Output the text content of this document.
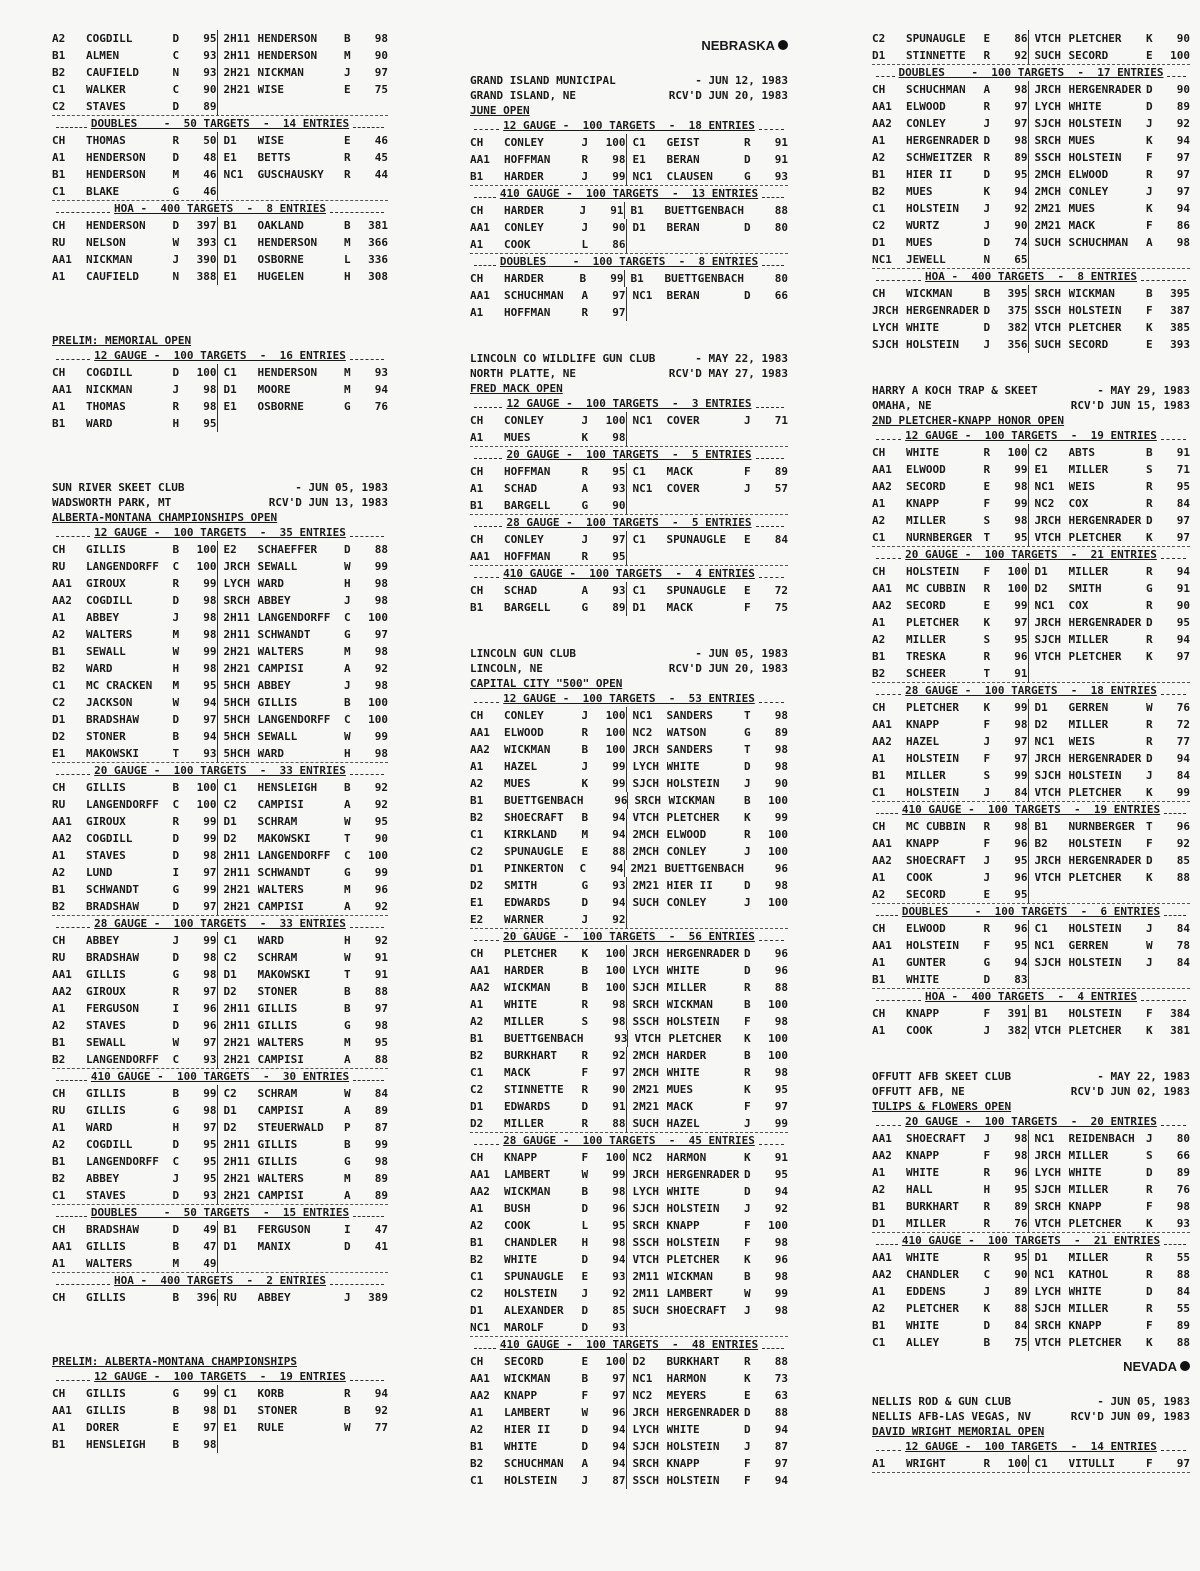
A2	COGDILL	D	95 2H11 HENDERSON	B	98
B1	ALMEN	C	93 2H11 HENDERSON	M	90
B2	CAUFIELD	N	93 2H21 NICKMAN	J	97
C1	WALKER	C	90 2H21 WISE	E	75
C2	STAVES	D	89
DOUBLES    -  50 TARGETS  -  14 ENTRIES
CH	THOMAS	R	50 D1	WISE	E	46
A1	HENDERSON	D	48 E1	BETTS	R	45
B1	HENDERSON	M	46 NC1	GUSCHAUSKY	R	44
C1	BLAKE	G	46
HOA -  400 TARGETS  -  8 ENTRIES
CH	HENDERSON	D	397 B1	OAKLAND	B	381
RU	NELSON	W	393 C1	HENDERSON	M	366
AA1	NICKMAN	J	390 D1	OSBORNE	L	336
A1	CAUFIELD	N	388 E1	HUGELEN	H	308
PRELIM: MEMORIAL OPEN
12 GAUGE -  100 TARGETS  -  16 ENTRIES
CH	COGDILL	D	100 C1	HENDERSON	M	93
AA1	NICKMAN	J	98 D1	MOORE	M	94
A1	THOMAS	R	98 E1	OSBORNE	G	76
B1	WARD	H	95
SUN RIVER SKEET CLUB	- JUN 05, 1983
WADSWORTH PARK, MT	RCV'D JUN 13, 1983
ALBERTA-MONTANA CHAMPIONSHIPS OPEN
12 GAUGE -  100 TARGETS  -  35 ENTRIES
CH	GILLIS	B	100 E2	SCHAEFFER	D	88
RU	LANGENDORFF	C	100 JRCH SEWALL	W	99
AA1	GIROUX	R	99 LYCH WARD	H	98
AA2	COGDILL	D	98 SRCH ABBEY	J	98
A1	ABBEY	J	98 2H11 LANGENDORFF	C	100
A2	WALTERS	M	98 2H11 SCHWANDT	G	97
B1	SEWALL	W	99 2H21 WALTERS	M	98
B2	WARD	H	98 2H21 CAMPISI	A	92
C1	MC CRACKEN	M	95 5HCH ABBEY	J	98
C2	JACKSON	W	94 5HCH GILLIS	B	100
D1	BRADSHAW	D	97 5HCH LANGENDORFF	C	100
D2	STONER	B	94 5HCH SEWALL	W	99
E1	MAKOWSKI	T	93 5HCH WARD	H	98
20 GAUGE -  100 TARGETS  -  33 ENTRIES
CH	GILLIS	B	100 C1	HENSLEIGH	B	92
RU	LANGENDORFF	C	100 C2	CAMPISI	A	92
AA1	GIROUX	R	99 D1	SCHRAM	W	95
AA2	COGDILL	D	99 D2	MAKOWSKI	T	90
A1	STAVES	D	98 2H11 LANGENDORFF	C	100
A2	LUND	I	97 2H11 SCHWANDT	G	99
B1	SCHWANDT	G	99 2H21 WALTERS	M	96
B2	BRADSHAW	D	97 2H21 CAMPISI	A	92
28 GAUGE -  100 TARGETS  -  33 ENTRIES
CH	ABBEY	J	99 C1	WARD	H	92
RU	BRADSHAW	D	98 C2	SCHRAM	W	91
AA1	GILLIS	G	98 D1	MAKOWSKI	T	91
AA2	GIROUX	R	97 D2	STONER	B	88
A1	FERGUSON	I	96 2H11 GILLIS	B	97
A2	STAVES	D	96 2H11 GILLIS	G	98
B1	SEWALL	W	97 2H21 WALTERS	M	95
B2	LANGENDORFF	C	93 2H21 CAMPISI	A	88
410 GAUGE -  100 TARGETS  -  30 ENTRIES
CH	GILLIS	B	99 C2	SCHRAM	W	84
RU	GILLIS	G	98 D1	CAMPISI	A	89
A1	WARD	H	97 D2	STEUERWALD	P	87
A2	COGDILL	D	95 2H11 GILLIS	B	99
B1	LANGENDORFF	C	95 2H11 GILLIS	G	98
B2	ABBEY	J	95 2H21 WALTERS	M	89
C1	STAVES	D	93 2H21 CAMPISI	A	89
DOUBLES    -  50 TARGETS  -  15 ENTRIES
CH	BRADSHAW	D	49 B1	FERGUSON	I	47
AA1	GILLIS	B	47 D1	MANIX	D	41
A1	WALTERS	M	49
HOA -  400 TARGETS  -  2 ENTRIES
CH	GILLIS	B	396 RU	ABBEY	J	389
PRELIM: ALBERTA-MONTANA CHAMPIONSHIPS
12 GAUGE -  100 TARGETS  -  19 ENTRIES
CH	GILLIS	G	99 C1	KORB	R	94
AA1	GILLIS	B	98 D1	STONER	B	92
A1	DORER	E	97 E1	RULE	W	77
B1	HENSLEIGH	B	98
NEBRASKA
GRAND ISLAND MUNICIPAL	- JUN 12, 1983
GRAND ISLAND, NE	RCV'D JUN 20, 1983
JUNE OPEN
12 GAUGE -  100 TARGETS  -  18 ENTRIES
CH	CONLEY	J	100 C1	GEIST	R	91
AA1	HOFFMAN	R	98 E1	BERAN	D	91
B1	HARDER	J	99 NC1	CLAUSEN	G	93
410 GAUGE -  100 TARGETS  -  13 ENTRIES
CH	HARDER	J	91 B1	BUETTGENBACH	88
AA1	CONLEY	J	90 D1	BERAN	D	80
A1	COOK	L	86
DOUBLES    -  100 TARGETS  -  8 ENTRIES
CH	HARDER	B	99 B1	BUETTGENBACH	80
AA1	SCHUCHMAN	A	97 NC1	BERAN	D	66
A1	HOFFMAN	R	97
LINCOLN CO WILDLIFE GUN CLUB	- MAY 22, 1983
NORTH PLATTE, NE	RCV'D MAY 27, 1983
FRED MACK OPEN
12 GAUGE -  100 TARGETS  -  3 ENTRIES
CH	CONLEY	J	100 NC1	COVER	J	71
A1	MUES	K	98
20 GAUGE -  100 TARGETS  -  5 ENTRIES
CH	HOFFMAN	R	95 C1	MACK	F	89
A1	SCHAD	A	93 NC1	COVER	J	57
B1	BARGELL	G	90
28 GAUGE -  100 TARGETS  -  5 ENTRIES
CH	CONLEY	J	97 C1	SPUNAUGLE	E	84
AA1	HOFFMAN	R	95
410 GAUGE -  100 TARGETS  -  4 ENTRIES
CH	SCHAD	A	93 C1	SPUNAUGLE	E	72
B1	BARGELL	G	89 D1	MACK	F	75
LINCOLN GUN CLUB	- JUN 05, 1983
LINCOLN, NE	RCV'D JUN 20, 1983
CAPITAL CITY "500" OPEN
12 GAUGE -  100 TARGETS  -  53 ENTRIES
CH	CONLEY	J	100 NC1	SANDERS	T	98
AA1	ELWOOD	R	100 NC2	WATSON	G	89
AA2	WICKMAN	B	100 JRCH SANDERS	T	98
A1	HAZEL	J	99 LYCH WHITE	D	98
A2	MUES	K	99 SJCH HOLSTEIN	J	90
B1	BUETTGENBACH	96 SRCH WICKMAN	B	100
B2	SHOECRAFT	B	94 VTCH PLETCHER	K	99
C1	KIRKLAND	M	94 2MCH ELWOOD	R	100
C2	SPUNAUGLE	E	88 2MCH CONLEY	J	100
D1	PINKERTON	C	94 2M21 BUETTGENBACH	96
D2	SMITH	G	93 2M21 HIER II	D	98
E1	EDWARDS	D	94 SUCH CONLEY	J	100
E2	WARNER	J	92
20 GAUGE -  100 TARGETS  -  56 ENTRIES
CH	PLETCHER	K	100 JRCH HERGENRADER D	96
AA1	HARDER	B	100 LYCH WHITE	D	96
AA2	WICKMAN	B	100 SJCH MILLER	R	88
A1	WHITE	R	98 SRCH WICKMAN	B	100
A2	MILLER	S	98 SSCH HOLSTEIN	F	98
B1	BUETTGENBACH	93 VTCH PLETCHER	K	100
B2	BURKHART	R	92 2MCH HARDER	B	100
C1	MACK	F	97 2MCH WHITE	R	98
C2	STINNETTE	R	90 2M21 MUES	K	95
D1	EDWARDS	D	91 2M21 MACK	F	97
D2	MILLER	R	88 SUCH HAZEL	J	99
28 GAUGE -  100 TARGETS  -  45 ENTRIES
CH	KNAPP	F	100 NC2	HARMON	K	91
AA1	LAMBERT	W	99 JRCH HERGENRADER D	95
AA2	WICKMAN	B	98 LYCH WHITE	D	94
A1	BUSH	D	96 SJCH HOLSTEIN	J	92
A2	COOK	L	95 SRCH KNAPP	F	100
B1	CHANDLER	H	98 SSCH HOLSTEIN	F	98
B2	WHITE	D	94 VTCH PLETCHER	K	96
C1	SPUNAUGLE	E	93 2M11 WICKMAN	B	98
C2	HOLSTEIN	J	92 2M11 LAMBERT	W	99
D1	ALEXANDER	D	85 SUCH SHOECRAFT	J	98
NC1	MAROLF	D	93
410 GAUGE -  100 TARGETS  -  48 ENTRIES
CH	SECORD	E	100 D2	BURKHART	R	88
AA1	WICKMAN	B	97 NC1	HARMON	K	73
AA2	KNAPP	F	97 NC2	MEYERS	E	63
A1	LAMBERT	W	96 JRCH HERGENRADER D	88
A2	HIER II	D	94 LYCH WHITE	D	94
B1	WHITE	D	94 SJCH HOLSTEIN	J	87
B2	SCHUCHMAN	A	94 SRCH KNAPP	F	97
C1	HOLSTEIN	J	87 SSCH HOLSTEIN	F	94
C2	SPUNAUGLE	E	86 VTCH PLETCHER	K	90
D1	STINNETTE	R	92 SUCH SECORD	E	100
DOUBLES    -  100 TARGETS  -  17 ENTRIES
CH	SCHUCHMAN	A	98 JRCH HERGENRADER D	90
AA1	ELWOOD	R	97 LYCH WHITE	D	89
AA2	CONLEY	J	97 SJCH HOLSTEIN	J	92
A1	HERGENRADER D	98 SRCH MUES	K	94
A2	SCHWEITZER	R	89 SSCH HOLSTEIN	F	97
B1	HIER II	D	95 2MCH ELWOOD	R	97
B2	MUES	K	94 2MCH CONLEY	J	97
C1	HOLSTEIN	J	92 2M21 MUES	K	94
C2	WURTZ	J	90 2M21 MACK	F	86
D1	MUES	D	74 SUCH SCHUCHMAN	A	98
NC1	JEWELL	N	65
HOA -  400 TARGETS  -  8 ENTRIES
CH	WICKMAN	B	395 SRCH WICKMAN	B	395
JRCH HERGENRADER D	375 SSCH HOLSTEIN	F	387
LYCH WHITE	D	382 VTCH PLETCHER	K	385
SJCH HOLSTEIN	J	356 SUCH SECORD	E	393
HARRY A KOCH TRAP & SKEET	- MAY 29, 1983
OMAHA, NE	RCV'D JUN 15, 1983
2ND PLETCHER-KNAPP HONOR OPEN
12 GAUGE -  100 TARGETS  -  19 ENTRIES
CH	WHITE	R	100 C2	ABTS	B	91
AA1	ELWOOD	R	99 E1	MILLER	S	71
AA2	SECORD	E	98 NC1	WEIS	R	95
A1	KNAPP	F	99 NC2	COX	R	84
A2	MILLER	S	98 JRCH HERGENRADER D	97
C1	NURNBERGER	T	95 VTCH PLETCHER	K	97
20 GAUGE -  100 TARGETS  -  21 ENTRIES
CH	HOLSTEIN	F	100 D1	MILLER	R	94
AA1	MC CUBBIN	R	100 D2	SMITH	G	91
AA2	SECORD	E	99 NC1	COX	R	90
A1	PLETCHER	K	97 JRCH HERGENRADER D	95
A2	MILLER	S	95 SJCH MILLER	R	94
B1	TRESKA	R	96 VTCH PLETCHER	K	97
B2	SCHEER	T	91
28 GAUGE -  100 TARGETS  -  18 ENTRIES
CH	PLETCHER	K	99 D1	GERREN	W	76
AA1	KNAPP	F	98 D2	MILLER	R	72
AA2	HAZEL	J	97 NC1	WEIS	R	77
A1	HOLSTEIN	F	97 JRCH HERGENRADER D	94
B1	MILLER	S	99 SJCH HOLSTEIN	J	84
C1	HOLSTEIN	J	84 VTCH PLETCHER	K	99
410 GAUGE -  100 TARGETS  -  19 ENTRIES
CH	MC CUBBIN	R	98 B1	NURNBERGER	T	96
AA1	KNAPP	F	96 B2	HOLSTEIN	F	92
AA2	SHOECRAFT	J	95 JRCH HERGENRADER D	85
A1	COOK	J	96 VTCH PLETCHER	K	88
A2	SECORD	E	95
DOUBLES    -  100 TARGETS  -  6 ENTRIES
CH	ELWOOD	R	96 C1	HOLSTEIN	J	84
AA1	HOLSTEIN	F	95 NC1	GERREN	W	78
A1	GUNTER	G	94 SJCH HOLSTEIN	J	84
B1	WHITE	D	83
HOA -  400 TARGETS  -  4 ENTRIES
CH	KNAPP	F	391 B1	HOLSTEIN	F	384
A1	COOK	J	382 VTCH PLETCHER	K	381
OFFUTT AFB SKEET CLUB	- MAY 22, 1983
OFFUTT AFB, NE	RCV'D JUN 02, 1983
TULIPS & FLOWERS OPEN
20 GAUGE -  100 TARGETS  -  20 ENTRIES
AA1	SHOECRAFT	J	98 NC1	REIDENBACH	J	80
AA2	KNAPP	F	98 JRCH MILLER	S	66
A1	WHITE	R	96 LYCH WHITE	D	89
A2	HALL	H	95 SJCH MILLER	R	76
B1	BURKHART	R	89 SRCH KNAPP	F	98
D1	MILLER	R	76 VTCH PLETCHER	K	93
410 GAUGE -  100 TARGETS  -  21 ENTRIES
AA1	WHITE	R	95 D1	MILLER	R	55
AA2	CHANDLER	C	90 NC1	KATHOL	R	88
A1	EDDENS	J	89 LYCH WHITE	D	84
A2	PLETCHER	K	88 SJCH MILLER	R	55
B1	WHITE	D	84 SRCH KNAPP	F	89
C1	ALLEY	B	75 VTCH PLETCHER	K	88
NEVADA
NELLIS ROD & GUN CLUB	- JUN 05, 1983
NELLIS AFB-LAS VEGAS, NV	RCV'D JUN 09, 1983
DAVID WRIGHT MEMORIAL OPEN
12 GAUGE -  100 TARGETS  -  14 ENTRIES
A1	WRIGHT	R	100 C1	VITULLI	F	97
